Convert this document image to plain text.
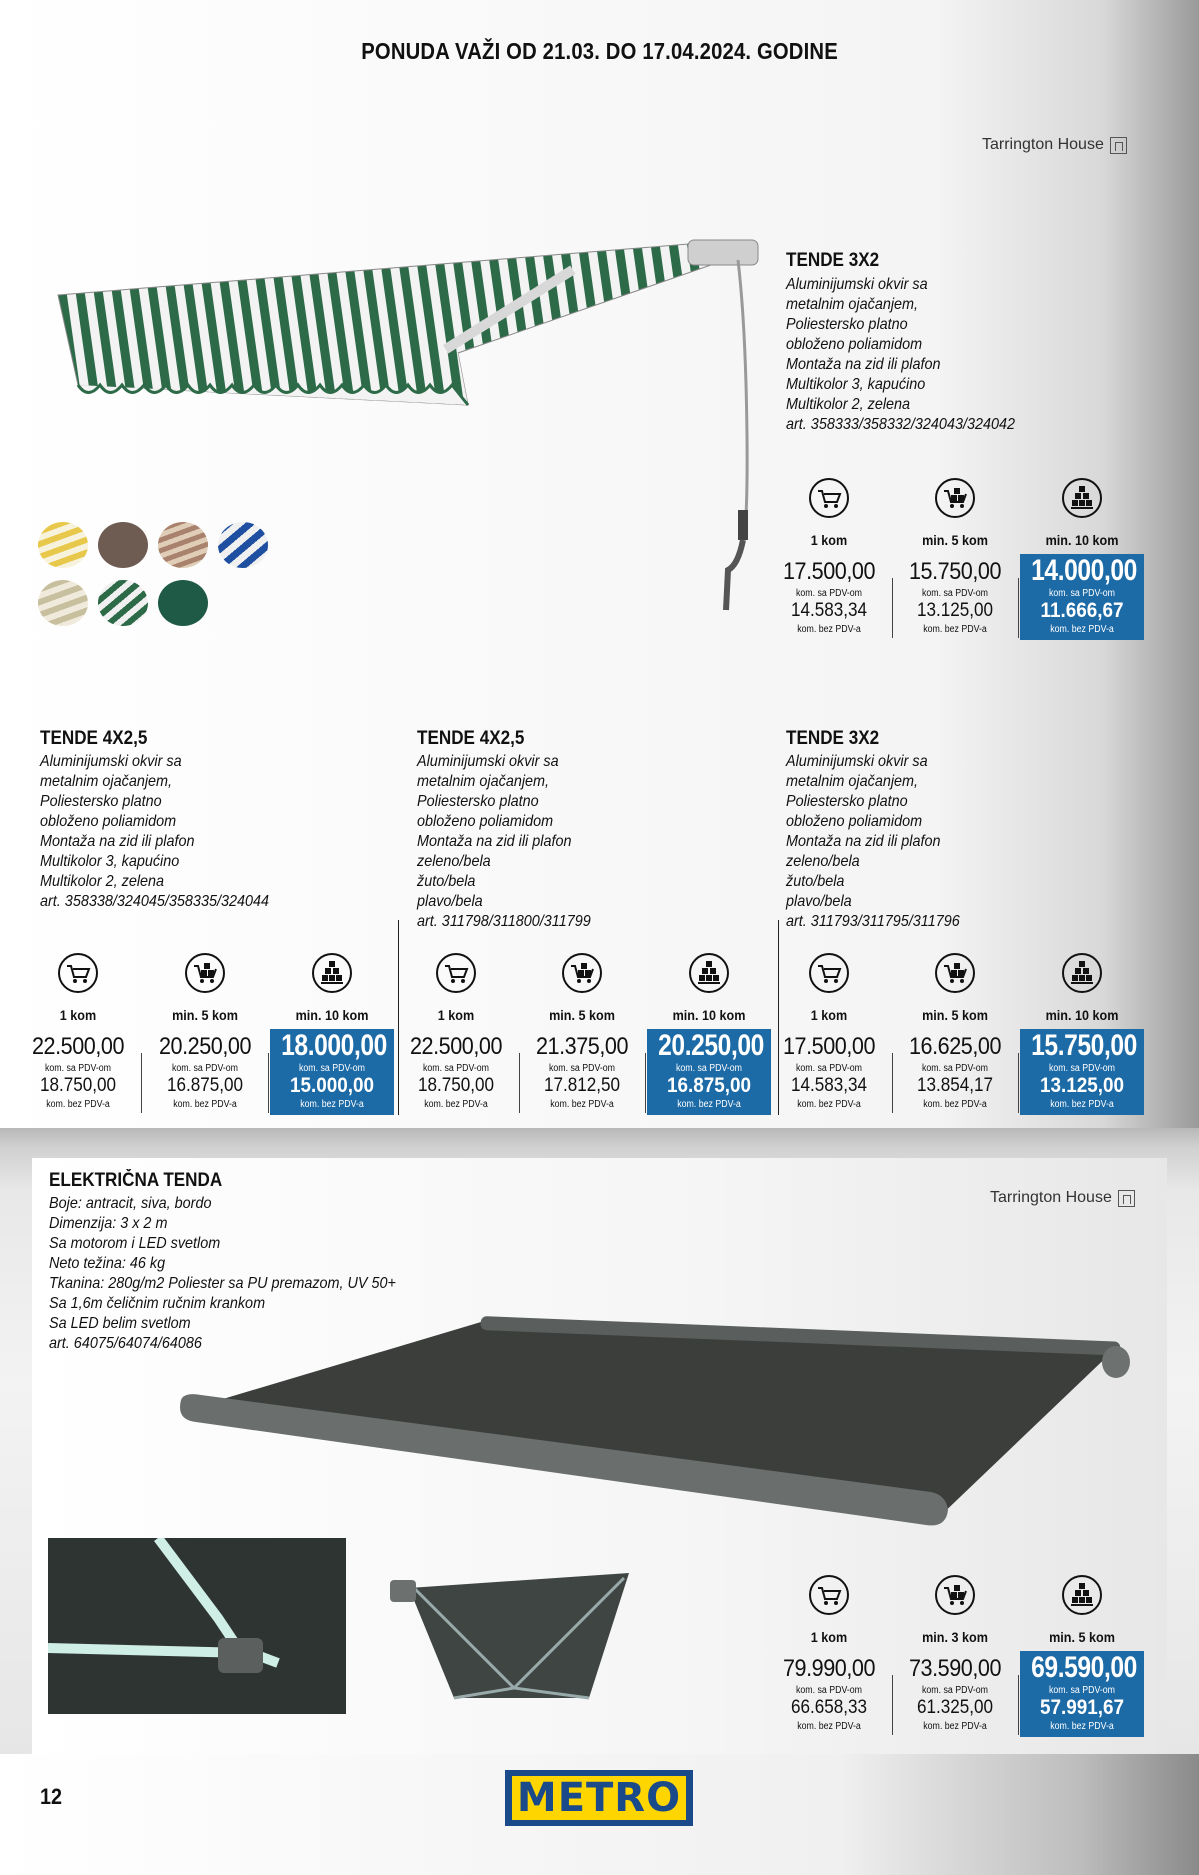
PONUDA VAŽI OD 21.03. DO 17.04.2024. GODINE
Tarrington House
Tarrington House
TENDE 3X2
Aluminijumski okvir sa
metalnim ojačanjem,
Poliestersko platno
obloženo poliamidom
Montaža na zid ili plafon
Multikolor 3, kapućino
Multikolor 2, zelena
art. 358333/358332/324043/324042
1 kom
17.500,00
kom. sa PDV-om
14.583,34
kom. bez PDV-a
min. 5 kom
15.750,00
kom. sa PDV-om
13.125,00
kom. bez PDV-a
min. 10 kom
14.000,00
kom. sa PDV-om
11.666,67
kom. bez PDV-a
1 kom
22.500,00
kom. sa PDV-om
18.750,00
kom. bez PDV-a
min. 5 kom
20.250,00
kom. sa PDV-om
16.875,00
kom. bez PDV-a
min. 10 kom
18.000,00
kom. sa PDV-om
15.000,00
kom. bez PDV-a
1 kom
22.500,00
kom. sa PDV-om
18.750,00
kom. bez PDV-a
min. 5 kom
21.375,00
kom. sa PDV-om
17.812,50
kom. bez PDV-a
min. 10 kom
20.250,00
kom. sa PDV-om
16.875,00
kom. bez PDV-a
1 kom
17.500,00
kom. sa PDV-om
14.583,34
kom. bez PDV-a
min. 5 kom
16.625,00
kom. sa PDV-om
13.854,17
kom. bez PDV-a
min. 10 kom
15.750,00
kom. sa PDV-om
13.125,00
kom. bez PDV-a
1 kom
79.990,00
kom. sa PDV-om
66.658,33
kom. bez PDV-a
min. 3 kom
73.590,00
kom. sa PDV-om
61.325,00
kom. bez PDV-a
min. 5 kom
69.590,00
kom. sa PDV-om
57.991,67
kom. bez PDV-a
TENDE 4X2,5
Aluminijumski okvir sa
metalnim ojačanjem,
Poliestersko platno
obloženo poliamidom
Montaža na zid ili plafon
Multikolor 3, kapućino
Multikolor 2, zelena
art. 358338/324045/358335/324044
TENDE 4X2,5
Aluminijumski okvir sa
metalnim ojačanjem,
Poliestersko platno
obloženo poliamidom
Montaža na zid ili plafon
zeleno/bela
žuto/bela
plavo/bela
art. 311798/311800/311799
TENDE 3X2
Aluminijumski okvir sa
metalnim ojačanjem,
Poliestersko platno
obloženo poliamidom
Montaža na zid ili plafon
zeleno/bela
žuto/bela
plavo/bela
art. 311793/311795/311796
ELEKTRIČNA TENDA
Boje: antracit, siva, bordo
Dimenzija: 3 x 2 m
Sa motorom i LED svetlom
Neto težina: 46 kg
Tkanina: 280g/m2 Poliester sa PU premazom, UV 50+
Sa 1,6m čeličnim ručnim krankom
Sa LED belim svetlom
art. 64075/64074/64086
12	METRO
